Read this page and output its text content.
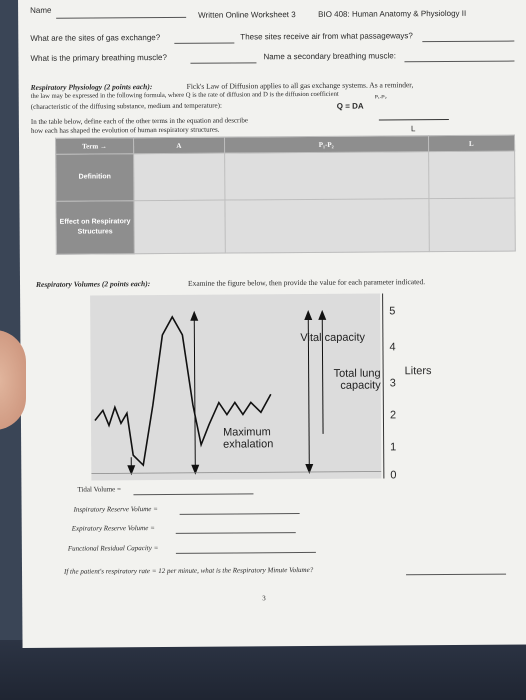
Name	Written Online Worksheet 3	BIO 408: Human Anatomy & Physiology II
What are the sites of gas exchange?	These sites receive air from what passageways?
What is the primary breathing muscle?	Name a secondary breathing muscle:
Respiratory Physiology (2 points each):	Fick's Law of Diffusion applies to all gas exchange systems. As a reminder,
the law may be expressed in the following formula, where Q is the rate of diffusion and D is the diffusion coefficient
(characteristic of the diffusing substance, medium and temperature):	Q = DA
P₁-P₂
L
In the table below, define each of the other terms in the equation and describe
how each has shaped the evolution of human respiratory structures.
Term →	A	P₁-P₂	L
Definition			
Effect on Respiratory Structures			
Respiratory Volumes (2 points each):	Examine the figure below, then provide the value for each parameter indicated.
Vital capacity
Total lung capacity
Maximum exhalation
5
4
3
2
1
0
Liters
Tidal Volume =
Inspiratory Reserve Volume =
Expiratory Reserve Volume =
Functional Residual Capacity =
If the patient's respiratory rate = 12 per minute, what is the Respiratory Minute Volume?
3
